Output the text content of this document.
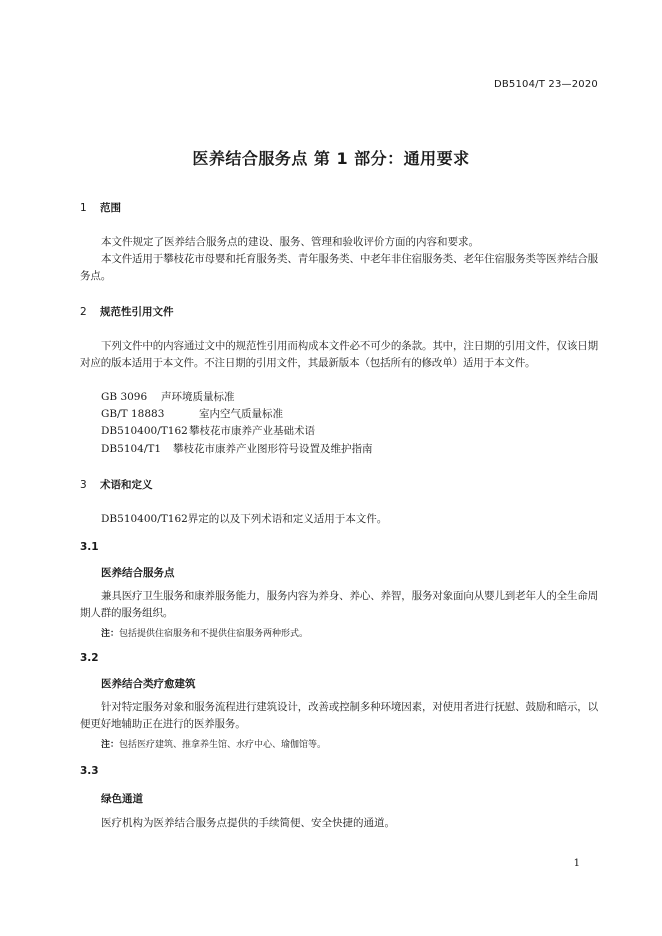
DB5104/T 23—2020
医养结合服务点 第 1 部分：通用要求
1 范围
本文件规定了医养结合服务点的建设、服务、管理和验收评价方面的内容和要求。
本文件适用于攀枝花市母婴和托育服务类、青年服务类、中老年非住宿服务类、老年住宿服务类等医养结合服务点。
2 规范性引用文件
下列文件中的内容通过文中的规范性引用而构成本文件必不可少的条款。其中，注日期的引用文件，仅该日期对应的版本适用于本文件。不注日期的引用文件，其最新版本（包括所有的修改单）适用于本文件。
GB 3096 声环境质量标准
GB/T 18883	室内空气质量标准
DB510400/T162攀枝花市康养产业基础术语
DB5104/T1 攀枝花市康养产业图形符号设置及维护指南
3 术语和定义
DB510400/T162界定的以及下列术语和定义适用于本文件。
3.1
医养结合服务点
兼具医疗卫生服务和康养服务能力，服务内容为养身、养心、养智，服务对象面向从婴儿到老年人的全生命周期人群的服务组织。
注：包括提供住宿服务和不提供住宿服务两种形式。
3.2
医养结合类疗愈建筑
针对特定服务对象和服务流程进行建筑设计，改善或控制多种环境因素，对使用者进行抚慰、鼓励和暗示，以便更好地辅助正在进行的医养服务。
注：包括医疗建筑、推拿养生馆、水疗中心、瑜伽馆等。
3.3
绿色通道
医疗机构为医养结合服务点提供的手续简便、安全快捷的通道。
1
